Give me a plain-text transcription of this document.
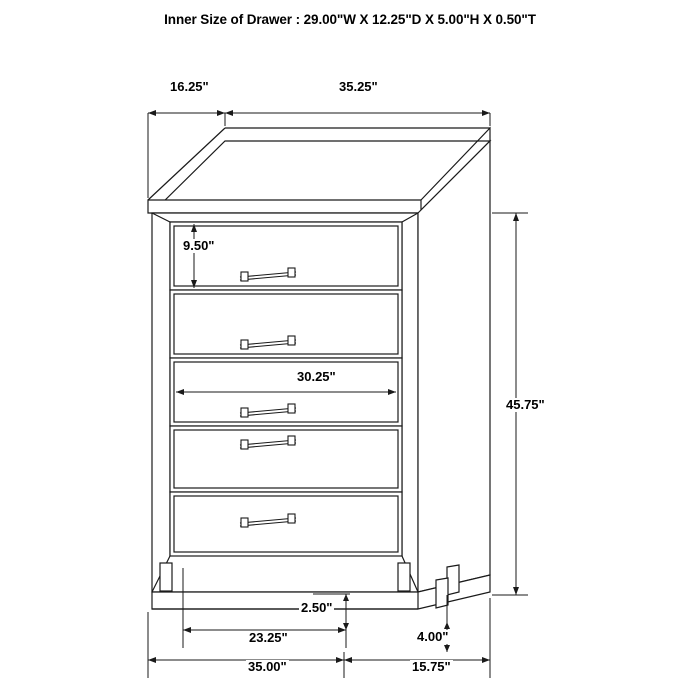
Inner Size of Drawer : 29.00"W X 12.25"D X 5.00"H X 0.50"T
16.25"	35.25"
9.50"
30.25"
45.75"
2.50"
4.00"
23.25"
35.00"	15.75"
